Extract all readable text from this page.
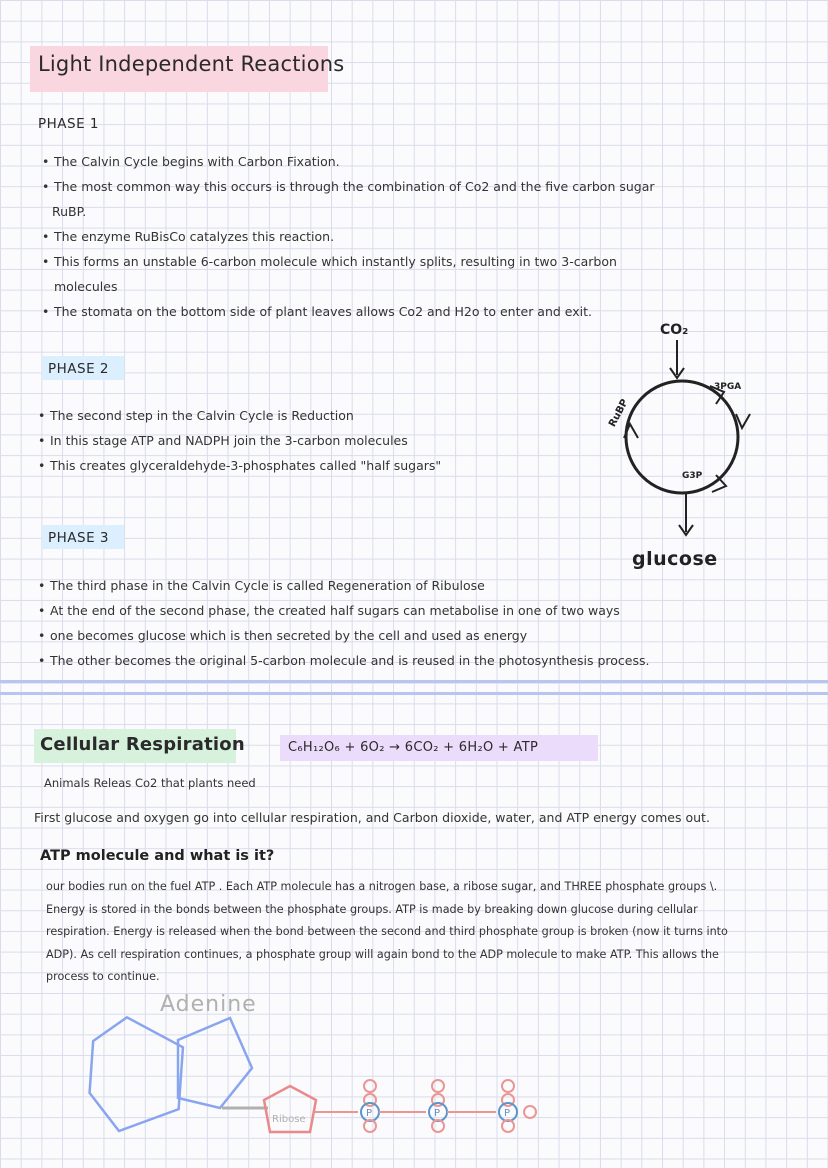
Light Independent Reactions
PHASE 1
• The Calvin Cycle begins with Carbon Fixation.
• The most common way this occurs is through the combination of Co2 and the five carbon sugar
RuBP.
• The enzyme RuBisCo catalyzes this reaction.
• This forms an unstable 6-carbon molecule which instantly splits, resulting in two 3-carbon
molecules
• The stomata on the bottom side of plant leaves allows Co2 and H2o to enter and exit.
PHASE 2
• The second step in the Calvin Cycle is Reduction
• In this stage ATP and NADPH join the 3-carbon molecules
• This creates glyceraldehyde-3-phosphates called "half sugars"
CO₂
3PGA
RuBP
G3P
glucose
PHASE 3
• The third phase in the Calvin Cycle is called Regeneration of Ribulose
• At the end of the second phase, the created half sugars can metabolise in one of two ways
• one becomes glucose which is then secreted by the cell and used as energy
• The other becomes the original 5-carbon molecule and is reused in the photosynthesis process.
Cellular Respiration	C₆H₁₂O₆ + 6O₂ → 6CO₂ + 6H₂O + ATP
Animals Releas Co2 that plants need
First glucose and oxygen go into cellular respiration, and Carbon dioxide, water, and ATP energy comes out.
ATP molecule and what is it?
our bodies run on the fuel ATP . Each ATP molecule has a nitrogen base, a ribose sugar, and THREE phosphate groups \.
Energy is stored in the bonds between the phosphate groups. ATP is made by breaking down glucose during cellular
respiration. Energy is released when the bond between the second and third phosphate group is broken (now it turns into
ADP). As cell respiration continues, a phosphate group will again bond to the ADP molecule to make ATP. This allows the
process to continue.
Adenine
Ribose
P	P	P
